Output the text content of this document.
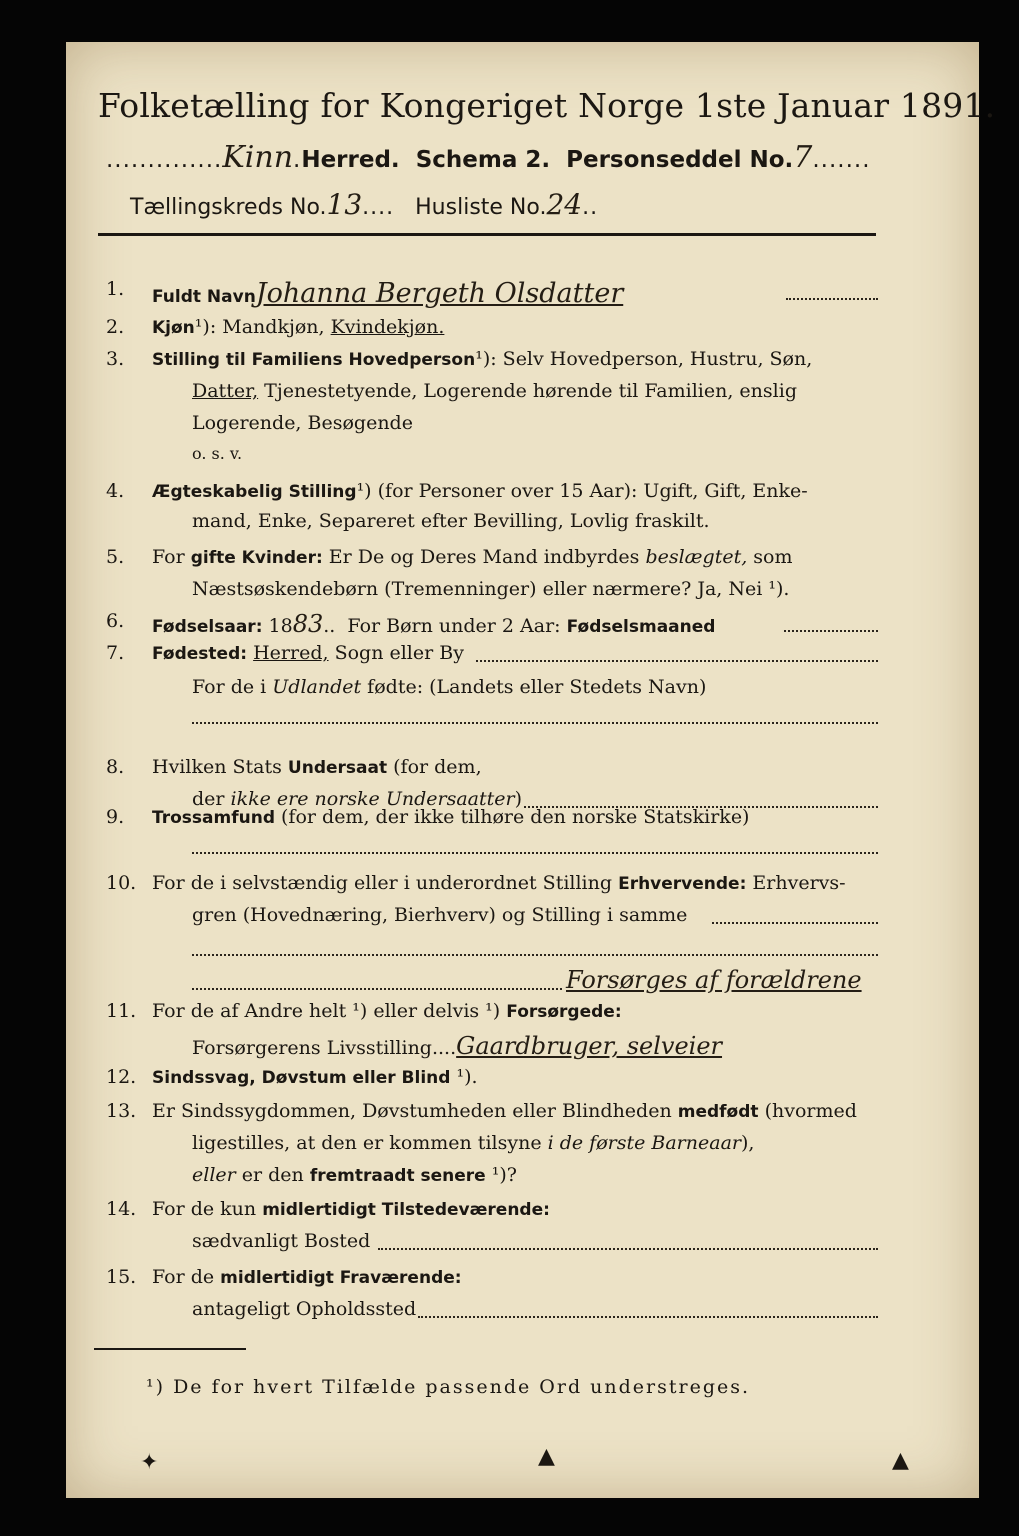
Folketælling for Kongeriget Norge 1ste Januar 1891.
..............Kinn.Herred. Schema 2. Personseddel No.7.......
Tællingskreds No.13.... Husliste No.24..
1.	Fuldt NavnJohanna Bergeth Olsdatter
2.	Kjøn¹): Mandkjøn, Kvindekjøn.
3.	Stilling til Familiens Hovedperson¹): Selv Hovedperson, Hustru, Søn,
Datter, Tjenestetyende, Logerende hørende til Familien, enslig
Logerende, Besøgende
o. s. v.
4.	Ægteskabelig Stilling¹) (for Personer over 15 Aar): Ugift, Gift, Enke-
mand, Enke, Separeret efter Bevilling, Lovlig fraskilt.
5.	For gifte Kvinder: Er De og Deres Mand indbyrdes beslægtet, som
Næstsøskendebørn (Tremenninger) eller nærmere? Ja, Nei ¹).
6.	Fødselsaar: 1883..  For Børn under 2 Aar: Fødselsmaaned
7.	Fødested: Herred, Sogn eller By
For de i Udlandet fødte: (Landets eller Stedets Navn)
8.	Hvilken Stats Undersaat (for dem,
der ikke ere norske Undersaatter)
9.	Trossamfund (for dem, der ikke tilhøre den norske Statskirke)
10. For de i selvstændig eller i underordnet Stilling Erhvervende: Erhvervs-
gren (Hovednæring, Bierhverv) og Stilling i samme
Forsørges af forældrene
11. For de af Andre helt ¹) eller delvis ¹) Forsørgede:
Forsørgerens Livsstilling....Gaardbruger, selveier
12. Sindssvag, Døvstum eller Blind ¹).
13. Er Sindssygdommen, Døvstumheden eller Blindheden medfødt (hvormed
ligestilles, at den er kommen tilsyne i de første Barneaar),
eller er den fremtraadt senere ¹)?
14. For de kun midlertidigt Tilstedeværende:
sædvanligt Bosted
15. For de midlertidigt Fraværende:
antageligt Opholdssted
¹) De for hvert Tilfælde passende Ord understreges.
✦	▲	▲
